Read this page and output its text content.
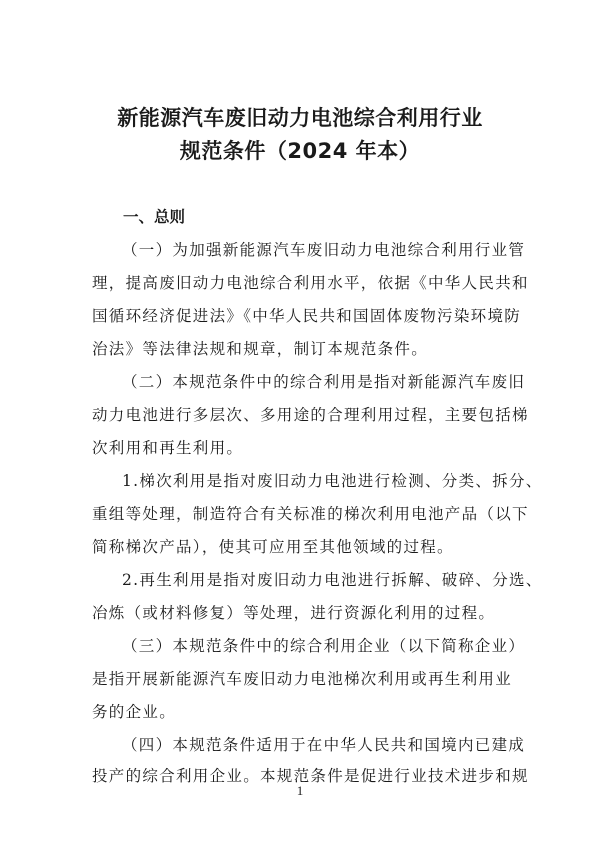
新能源汽车废旧动力电池综合利用行业
规范条件（2024 年本）
一、总则
（一）为加强新能源汽车废旧动力电池综合利用行业管
理，提高废旧动力电池综合利用水平，依据《中华人民共和
国循环经济促进法》《中华人民共和国固体废物污染环境防
治法》等法律法规和规章，制订本规范条件。
（二）本规范条件中的综合利用是指对新能源汽车废旧
动力电池进行多层次、多用途的合理利用过程，主要包括梯
次利用和再生利用。
1.梯次利用是指对废旧动力电池进行检测、分类、拆分、
重组等处理，制造符合有关标准的梯次利用电池产品（以下
简称梯次产品），使其可应用至其他领域的过程。
2.再生利用是指对废旧动力电池进行拆解、破碎、分选、
冶炼（或材料修复）等处理，进行资源化利用的过程。
（三）本规范条件中的综合利用企业（以下简称企业）
是指开展新能源汽车废旧动力电池梯次利用或再生利用业
务的企业。
（四）本规范条件适用于在中华人民共和国境内已建成
投产的综合利用企业。本规范条件是促进行业技术进步和规
1
